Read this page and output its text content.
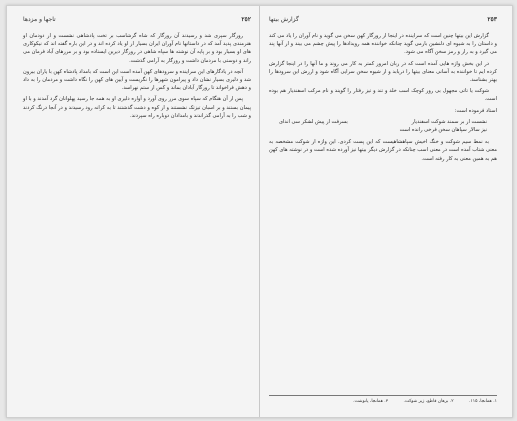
٢٥٢
تاجها و مزدها

روزگار سپری شد و رسیدند آن روزگار که شاه گرشاسب بر تخت پادشاهی نشست و از دودمان او هنرمندی پدید آمد که در داستانها نام آوران ایران بسیار از او یاد کرده اند و در این باره گفته اند که نیکوکاری های او بسیار بود و بر پایه آن نوشته ها سپاه شاهی در روزگار دیرین ایستاده بود و بر مرزهای آباد فرمان می راند و دوستی با مردمان داشت و روزگار به آرامی گذشت.

آنچه در یادگارهای این سراینده و سرودهای کهن آمده است این است که بامداد پادشاه کهن با یاران بیرون شد و دلیری بسیار نشان داد و پیرامون شهرها را نگریست و آیین های کهن را نگاه داشت و مردمان را به داد و دهش فراخواند تا روزگار آبادان بماند و کس از ستم نهراسد.

پس از آن هنگام که سپاه سوی مرز روی آورد و آوازه دلیری او به همه جا رسید پهلوانان گرد آمدند و با او پیمان بستند و بر اسبان تیزتک نشستند و از کوه و دشت گذشتند تا به کرانه رود رسیدند و در آنجا درنگ کردند و شب را به آرامی گذراندند و بامدادان دوباره راه سپردند.

٢٥٣
گزارش بیتها

گزارش این بیتها چنین است که سراینده در اینجا از روزگار کهن سخن می گوید و نام آوران را یاد می کند و داستان را به شیوه ای دلنشین بازمی گوید چنانکه خواننده همه رویدادها را پیش چشم می بیند و از آنها پند می گیرد و به راز و رمز سخن آگاه می شود.

در این بخش واژه هایی آمده است که در زبان امروز کمتر به کار می روند و ما آنها را در اینجا گزارش کرده ایم تا خواننده به آسانی معنای بیتها را دریابد و از شیوه سخن سرایی آگاه شود و ارزش این سرودها را بهتر بشناسد.

شوکت یا تاتی مجهول بی روز کوچک اسب خلد و تند و تیز رفتار را گویند و نام مرکب اسفندیار هم بوده است.

استاد فرموده است:

نشست از بر سمند شوکت اسفندیار
بسرفت از پیش لشکر سی اندای
نیز سالار سپاهان سخن فرخی رانده است

به نمط سیم شوکت و خنگ اخیش سپاهشاهیست که این پست کردی. این واژه از شوکت مشخصه به معنی شتاب آمده است در معنی اسب چنانکه در گزارش دیگر بیتها نیز آورده شده است و در نوشته های کهن هم به همین معنی به کار رفته است.

۱. همانجا، ۱۱۵. ۲. برهان قاطع، زیر شوکت. ۳. همانجا، پانوشت.
